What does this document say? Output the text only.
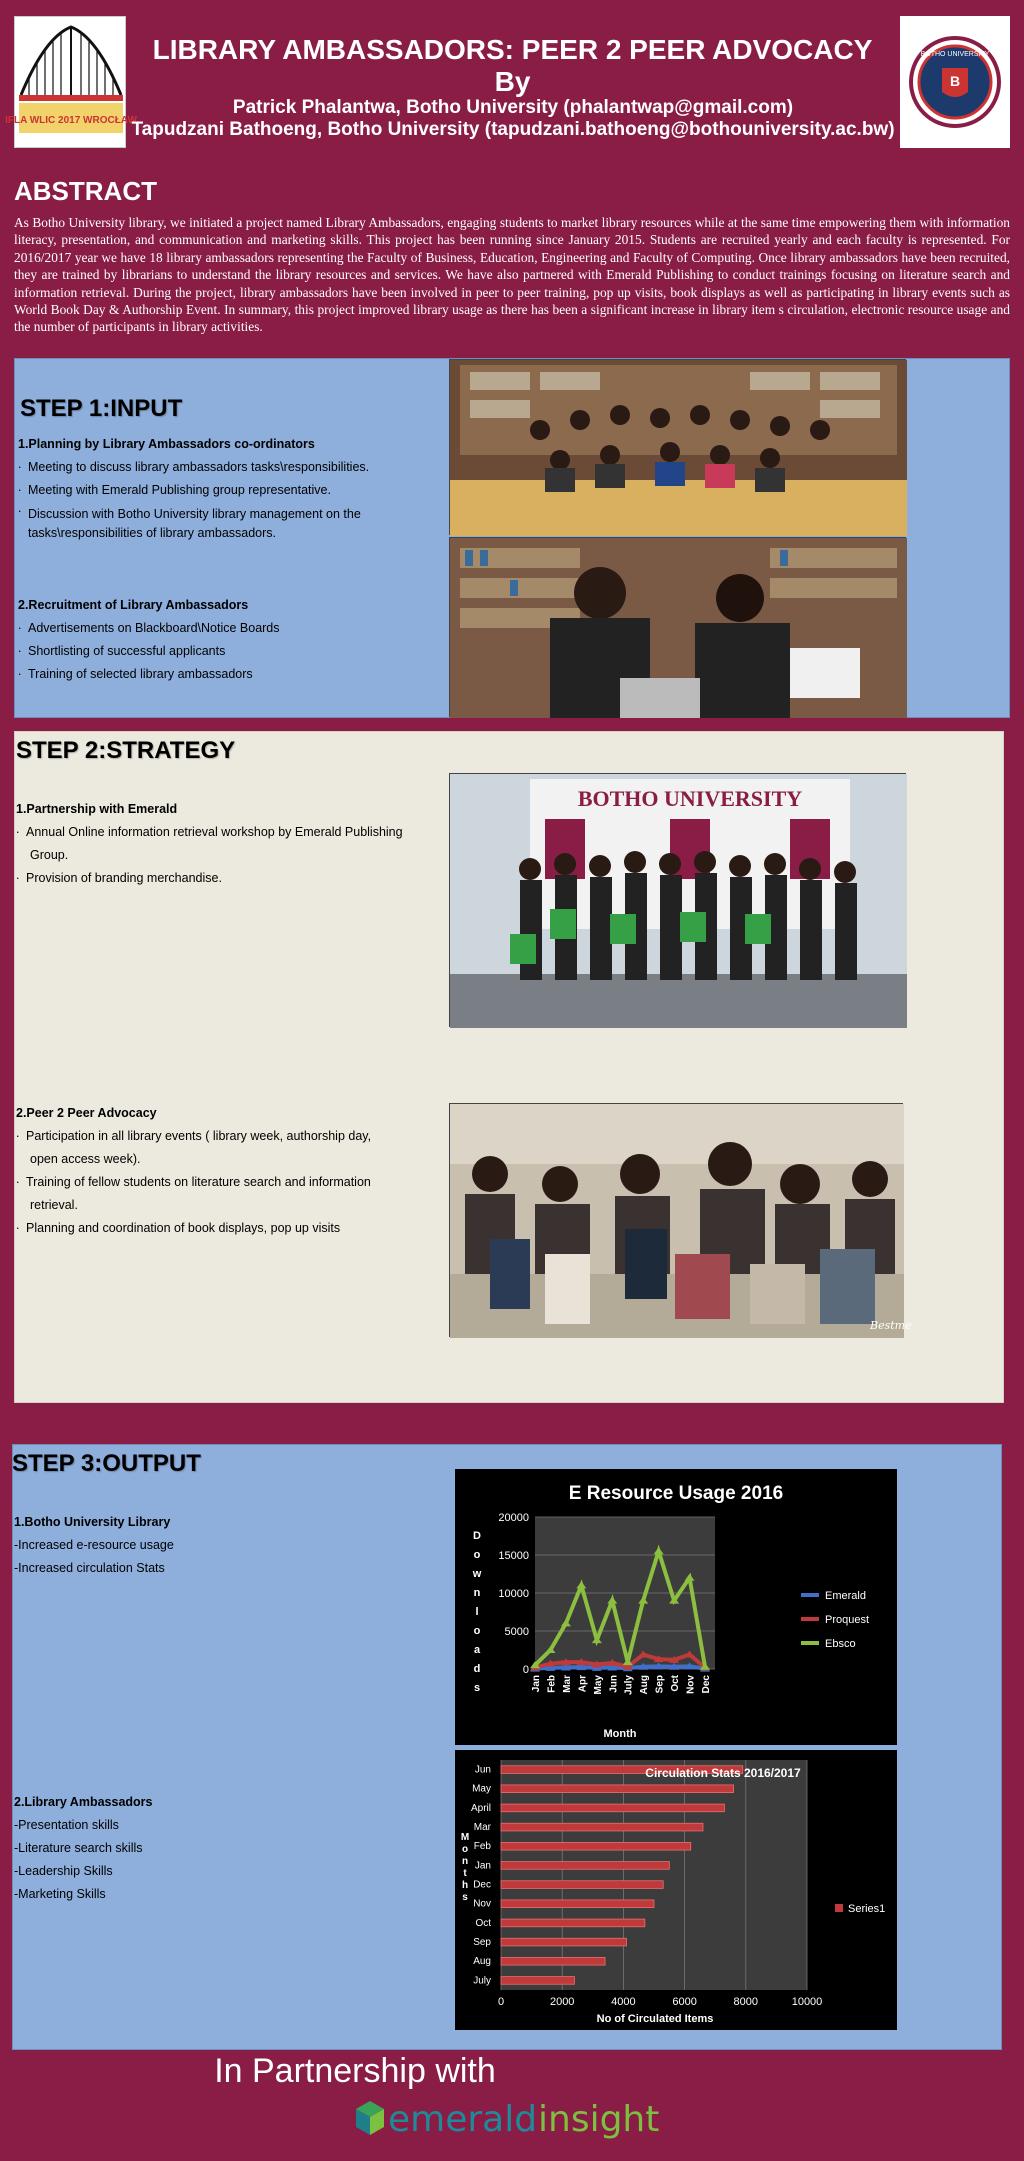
IFLA WLIC 2017 WROCŁAW
LIBRARY AMBASSADORS: PEER 2 PEER ADVOCACY
By
Patrick Phalantwa, Botho University (phalantwap@gmail.com)
Tapudzani Bathoeng, Botho University (tapudzani.bathoeng@bothouniversity.ac.bw)
B
BOTHO UNIVERSITY
ABSTRACT
As Botho University library, we initiated a project named Library Ambassadors, engaging students to market library resources while at the same time empowering them with information literacy, presentation, and communication and marketing skills. This project has been running since January 2015. Students are recruited yearly and each faculty is represented. For 2016/2017 year we have 18 library ambassadors representing the Faculty of Business, Education, Engineering and Faculty of Computing. Once library ambassadors have been recruited, they are trained by librarians to understand the library resources and services. We have also partnered with Emerald Publishing to conduct trainings focusing on literature search and information retrieval. During the project, library ambassadors have been involved in peer to peer training, pop up visits, book displays as well as participating in library events such as World Book Day & Authorship Event. In summary, this project improved library usage as there has been a significant increase in library item s circulation, electronic resource usage and the number of participants in library activities.
STEP 1:INPUT
1.Planning by Library Ambassadors co-ordinators
. Meeting to discuss library ambassadors tasks\responsibilities.
. Meeting with Emerald Publishing group representative.
. Discussion with Botho University library management on the
tasks\responsibilities of library ambassadors.
2.Recruitment of Library Ambassadors
. Advertisements on Blackboard\Notice Boards
. Shortlisting of successful applicants
. Training of selected library ambassadors
STEP 2:STRATEGY
1.Partnership with Emerald
. Annual Online information retrieval workshop by Emerald Publishing
Group.
. Provision of branding merchandise.
2.Peer 2 Peer Advocacy
. Participation in all library events ( library week, authorship day,
open access week).
. Training of fellow students on literature search and information
retrieval.
. Planning and coordination of book displays, pop up visits
BOTHO UNIVERSITY
Bestme
STEP 3:OUTPUT
1.Botho University Library
-Increased e-resource usage
-Increased circulation Stats
2.Library Ambassadors
-Presentation skills
-Literature search skills
-Leadership Skills
-Marketing Skills
E Resource Usage 2016
0
5000
10000
15000
20000
D
o
w
n
l
o
a
d
s	Jan Feb Mar Apr May Jun July Aug Sep Oct Nov Dec
Month
Emerald
Proquest
Ebsco
0	2000	4000	6000	8000	10000
July
Aug
Sep
Oct
Nov
Dec
Jan
Feb
Mar
April
May
Jun	Circulation Stats 2016/2017
M
o
n
t
h
s
No of Circulated Items
Series1
In Partnership with
emerald insight
